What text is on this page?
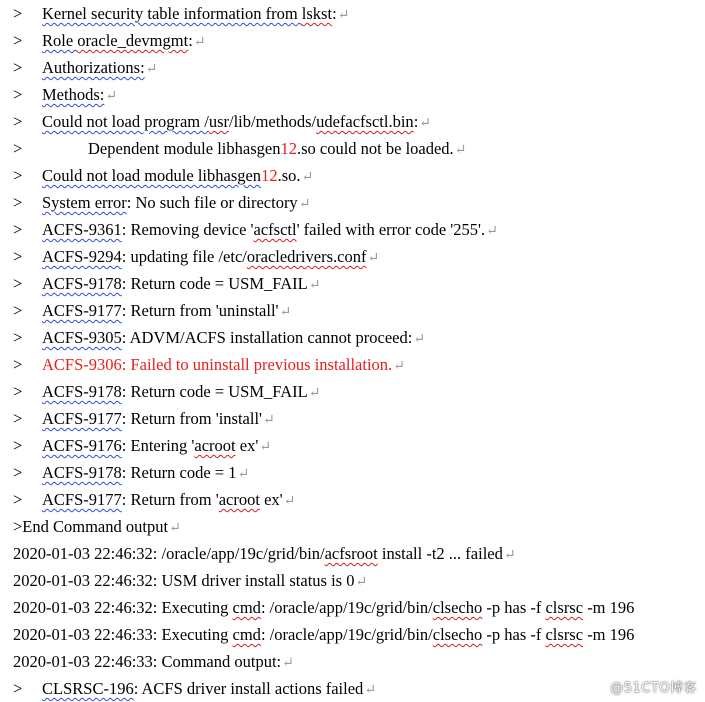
> Kernel security table information from lskst:↵
> Role oracle_devmgmt:↵
> Authorizations:↵
> Methods:↵
> Could not load program /usr/lib/methods/udefacfsctl.bin:↵
>	Dependent module libhasgen12.so could not be loaded.↵
> Could not load module libhasgen12.so.↵
> System error: No such file or directory↵
> ACFS-9361: Removing device 'acfsctl' failed with error code '255'.↵
> ACFS-9294: updating file /etc/oracledrivers.conf↵
> ACFS-9178: Return code = USM_FAIL↵
> ACFS-9177: Return from 'uninstall'↵
> ACFS-9305: ADVM/ACFS installation cannot proceed:↵
> ACFS-9306: Failed to uninstall previous installation.↵
> ACFS-9178: Return code = USM_FAIL↵
> ACFS-9177: Return from 'install'↵
> ACFS-9176: Entering 'acroot ex'↵
> ACFS-9178: Return code = 1↵
> ACFS-9177: Return from 'acroot ex'↵
>End Command output↵
2020-01-03 22:46:32: /oracle/app/19c/grid/bin/acfsroot install -t2 ... failed↵
2020-01-03 22:46:32: USM driver install status is 0↵
2020-01-03 22:46:32: Executing cmd: /oracle/app/19c/grid/bin/clsecho -p has -f clsrsc -m 196
2020-01-03 22:46:33: Executing cmd: /oracle/app/19c/grid/bin/clsecho -p has -f clsrsc -m 196
2020-01-03 22:46:33: Command output:↵
> CLSRSC-196: ACFS driver install actions failed↵	@51CTO博客
